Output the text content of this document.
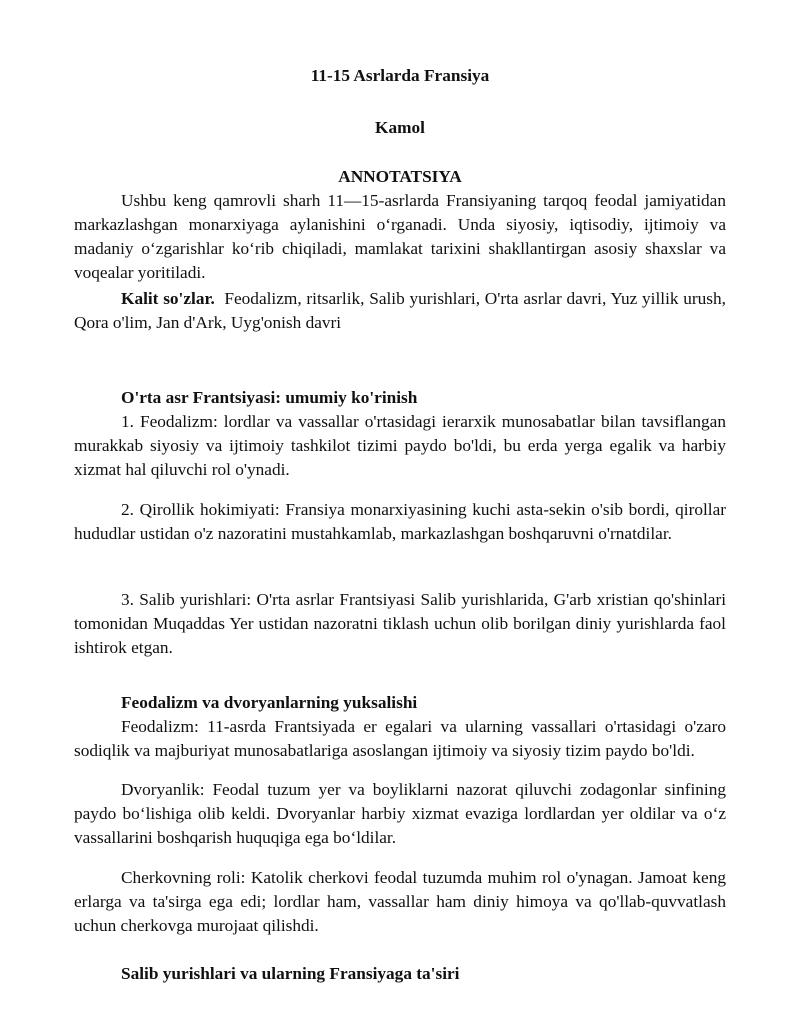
11-15 Asrlarda Fransiya
Kamol
ANNOTATSIYA

Ushbu keng qamrovli sharh 11—15-asrlarda Fransiyaning tarqoq feodal jamiyatidan markazlashgan monarxiyaga aylanishini o‘rganadi. Unda siyosiy, iqtisodiy, ijtimoiy va madaniy o‘zgarishlar ko‘rib chiqiladi, mamlakat tarixini shakllantirgan asosiy shaxslar va voqealar yoritiladi.

Kalit so'zlar. Feodalizm, ritsarlik, Salib yurishlari, O'rta asrlar davri, Yuz yillik urush, Qora o'lim, Jan d'Ark, Uyg'onish davri

O'rta asr Frantsiyasi: umumiy ko'rinish

1. Feodalizm: lordlar va vassallar o'rtasidagi ierarxik munosabatlar bilan tavsiflangan murakkab siyosiy va ijtimoiy tashkilot tizimi paydo bo'ldi, bu erda yerga egalik va harbiy xizmat hal qiluvchi rol o'ynadi.

2. Qirollik hokimiyati: Fransiya monarxiyasining kuchi asta-sekin o'sib bordi, qirollar hududlar ustidan o'z nazoratini mustahkamlab, markazlashgan boshqaruvni o'rnatdilar.

3. Salib yurishlari: O'rta asrlar Frantsiyasi Salib yurishlarida, G'arb xristian qo'shinlari tomonidan Muqaddas Yer ustidan nazoratni tiklash uchun olib borilgan diniy yurishlarda faol ishtirok etgan.

Feodalizm va dvoryanlarning yuksalishi

Feodalizm: 11-asrda Frantsiyada er egalari va ularning vassallari o'rtasidagi o'zaro sodiqlik va majburiyat munosabatlariga asoslangan ijtimoiy va siyosiy tizim paydo bo'ldi.

Dvoryanlik: Feodal tuzum yer va boyliklarni nazorat qiluvchi zodagonlar sinfining paydo bo‘lishiga olib keldi. Dvoryanlar harbiy xizmat evaziga lordlardan yer oldilar va o‘z vassallarini boshqarish huquqiga ega bo‘ldilar.

Cherkovning roli: Katolik cherkovi feodal tuzumda muhim rol o'ynagan. Jamoat keng erlarga va ta'sirga ega edi; lordlar ham, vassallar ham diniy himoya va qo'llab-quvvatlash uchun cherkovga murojaat qilishdi.

Salib yurishlari va ularning Fransiyaga ta'siri
